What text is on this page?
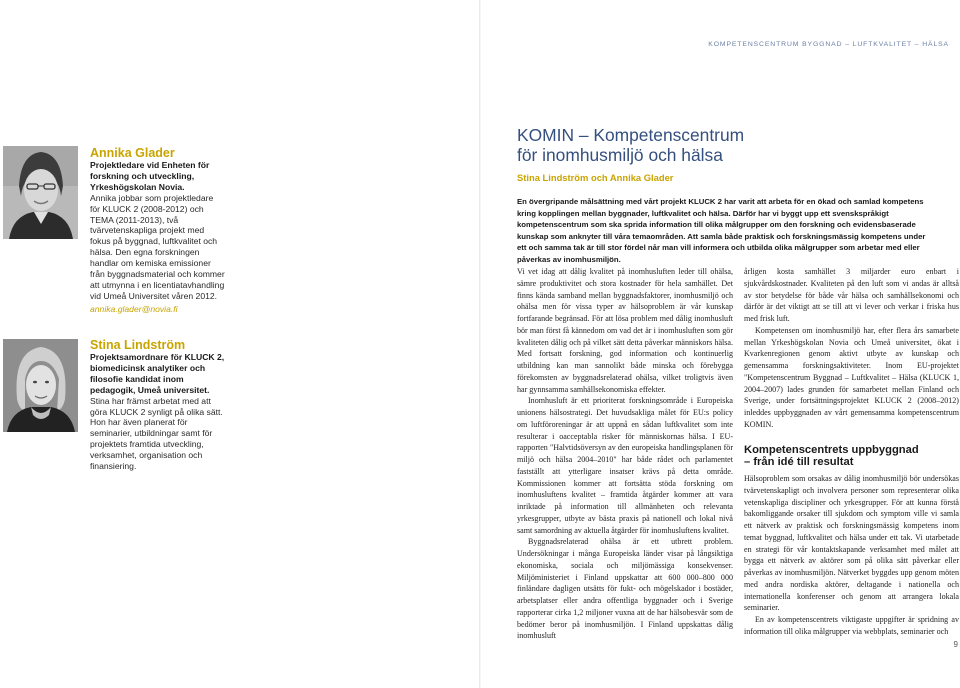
Annika Glader
Projektledare vid Enheten för forskning och utveckling, Yrkeshögskolan Novia.
Annika jobbar som projektledare för KLUCK 2 (2008-2012) och TEMA (2011-2013), två tvärvetenskapliga projekt med fokus på byggnad, luftkvalitet och hälsa. Den egna forskningen handlar om kemiska emissioner från byggnadsmaterial och kommer att utmynna i en licentiatavhandling vid Umeå Universitet våren 2012.
annika.glader@novia.fi
Stina Lindström
Projektsamordnare för KLUCK 2, biomedicinsk analytiker och filosofie kandidat inom pedagogik, Umeå universitet.
Stina har främst arbetat med att göra KLUCK 2 synligt på olika sätt. Hon har även planerat för seminarier, utbildningar samt för projektets framtida utveckling, verksamhet, organisation och finansiering.
KOMPETENSCENTRUM BYGGNAD – LUFTKVALITET – HÄLSA
KOMIN – Kompetenscentrum
för inomhusmiljö och hälsa
Stina Lindström och Annika Glader
En övergripande målsättning med vårt projekt KLUCK 2 har varit att arbeta för en ökad och samlad kompetens kring kopplingen mellan byggnader, luftkvalitet och hälsa. Därför har vi byggt upp ett svenskspråkigt kompetenscentrum som ska sprida information till olika målgrupper om den forskning och evidensbaserade kunskap som anknyter till våra temaområden. Att samla både praktisk och forskningsmässig kompetens under ett och samma tak är till stor fördel når man vill informera och utbilda olika målgrupper som arbetar med eller påverkas av inomhusmiljön.

Vi vet idag att dålig kvalitet på inomhusluften leder till ohälsa, sämre produktivitet och stora kostnader för hela samhället. Det finns kända samband mellan byggnadsfaktorer, inomhusmiljö och ohälsa men för vissa typer av hälsoproblem är vår kunskap fortfarande begränsad. För att lösa problem med dålig inomhusluft bör man först få kännedom om vad det är i inomhusluften som gör kvaliteten dålig och på vilket sätt detta påverkar människors hälsa. Med fortsatt forskning, god information och kontinuerlig utbildning kan man sannolikt både minska och förebygga förekomsten av byggnadsrelaterad ohälsa, vilket troligtvis även har gynnsamma samhällsekonomiska effekter.

Inomhusluft är ett prioriterat forskningsområde i Europeiska unionens hälsostrategi. Det huvudsakliga målet för EU:s policy om luftföroreningar är att uppnå en sådan luftkvalitet som inte resulterar i oacceptabla risker för människornas hälsa. I EU-rapporten "Halvtidsöversyn av den europeiska handlingsplanen för miljö och hälsa 2004–2010" har både rådet och parlamentet fastställt att ytterligare insatser krävs på detta område. Kommissionen kommer att fortsätta stöda forskning om inomhusluftens kvalitet – framtida åtgärder kommer att vara inriktade på information till allmänheten och relevanta yrkesgrupper, utbyte av bästa praxis på nationell och lokal nivå samt samordning av aktuella åtgärder för inomhusluftens kvalitet.

Byggnadsrelaterad ohälsa är ett utbrett problem. Undersökningar i många Europeiska länder visar på långsiktiga ekonomiska, sociala och miljömässiga konsekvenser. Miljöministeriet i Finland uppskattar att 600 000–800 000 finländare dagligen utsätts för fukt- och mögelskador i bostäder, arbetsplatser eller andra offentliga byggnader och i Sverige rapporterar cirka 1,2 miljoner vuxna att de har hälsobesvär som de bedömer beror på inomhusmiljön. I Finland uppskattas dålig inomhusluft

årligen kosta samhället 3 miljarder euro enbart i sjukvårdskostnader. Kvaliteten på den luft som vi andas är alltså av stor betydelse för både vår hälsa och samhällsekonomi och därför är det viktigt att se till att vi lever och verkar i friska hus med frisk luft.

Kompetensen om inomhusmiljö har, efter flera års samarbete mellan Yrkeshögskolan Novia och Umeå universitet, ökat i Kvarkenregionen genom aktivt utbyte av kunskap och gemensamma forskningsaktiviteter. Inom EU-projektet "Kompetenscentrum Byggnad – Luftkvalitet – Hälsa (KLUCK 1, 2004–2007) lades grunden för samarbetet mellan Finland och Sverige, under fortsättningsprojektet KLUCK 2 (2008–2012) inleddes uppbyggnaden av vårt gemensamma kompetenscentrum KOMIN.

Kompetenscentrets uppbyggnad
– från idé till resultat

Hälsoproblem som orsakas av dålig inomhusmiljö bör undersökas tvärvetenskapligt och involvera personer som representerar olika vetenskapliga discipliner och yrkesgrupper. För att kunna förstå bakomliggande orsaker till sjukdom och symptom ville vi samla ett nätverk av praktisk och forskningsmässig kompetens inom temat byggnad, luftkvalitet och hälsa under ett tak. Vi utarbetade en strategi för vår kontaktskapande verksamhet med målet att bygga ett nätverk av aktörer som på olika sätt påverkar eller påverkas av inomhusmiljön. Nätverket byggdes upp genom möten med andra nordiska aktörer, deltagande i nationella och internationella konferenser och genom att arrangera lokala seminarier.

En av kompetenscentrets viktigaste uppgifter är spridning av information till olika målgrupper via webbplats, seminarier och

9
